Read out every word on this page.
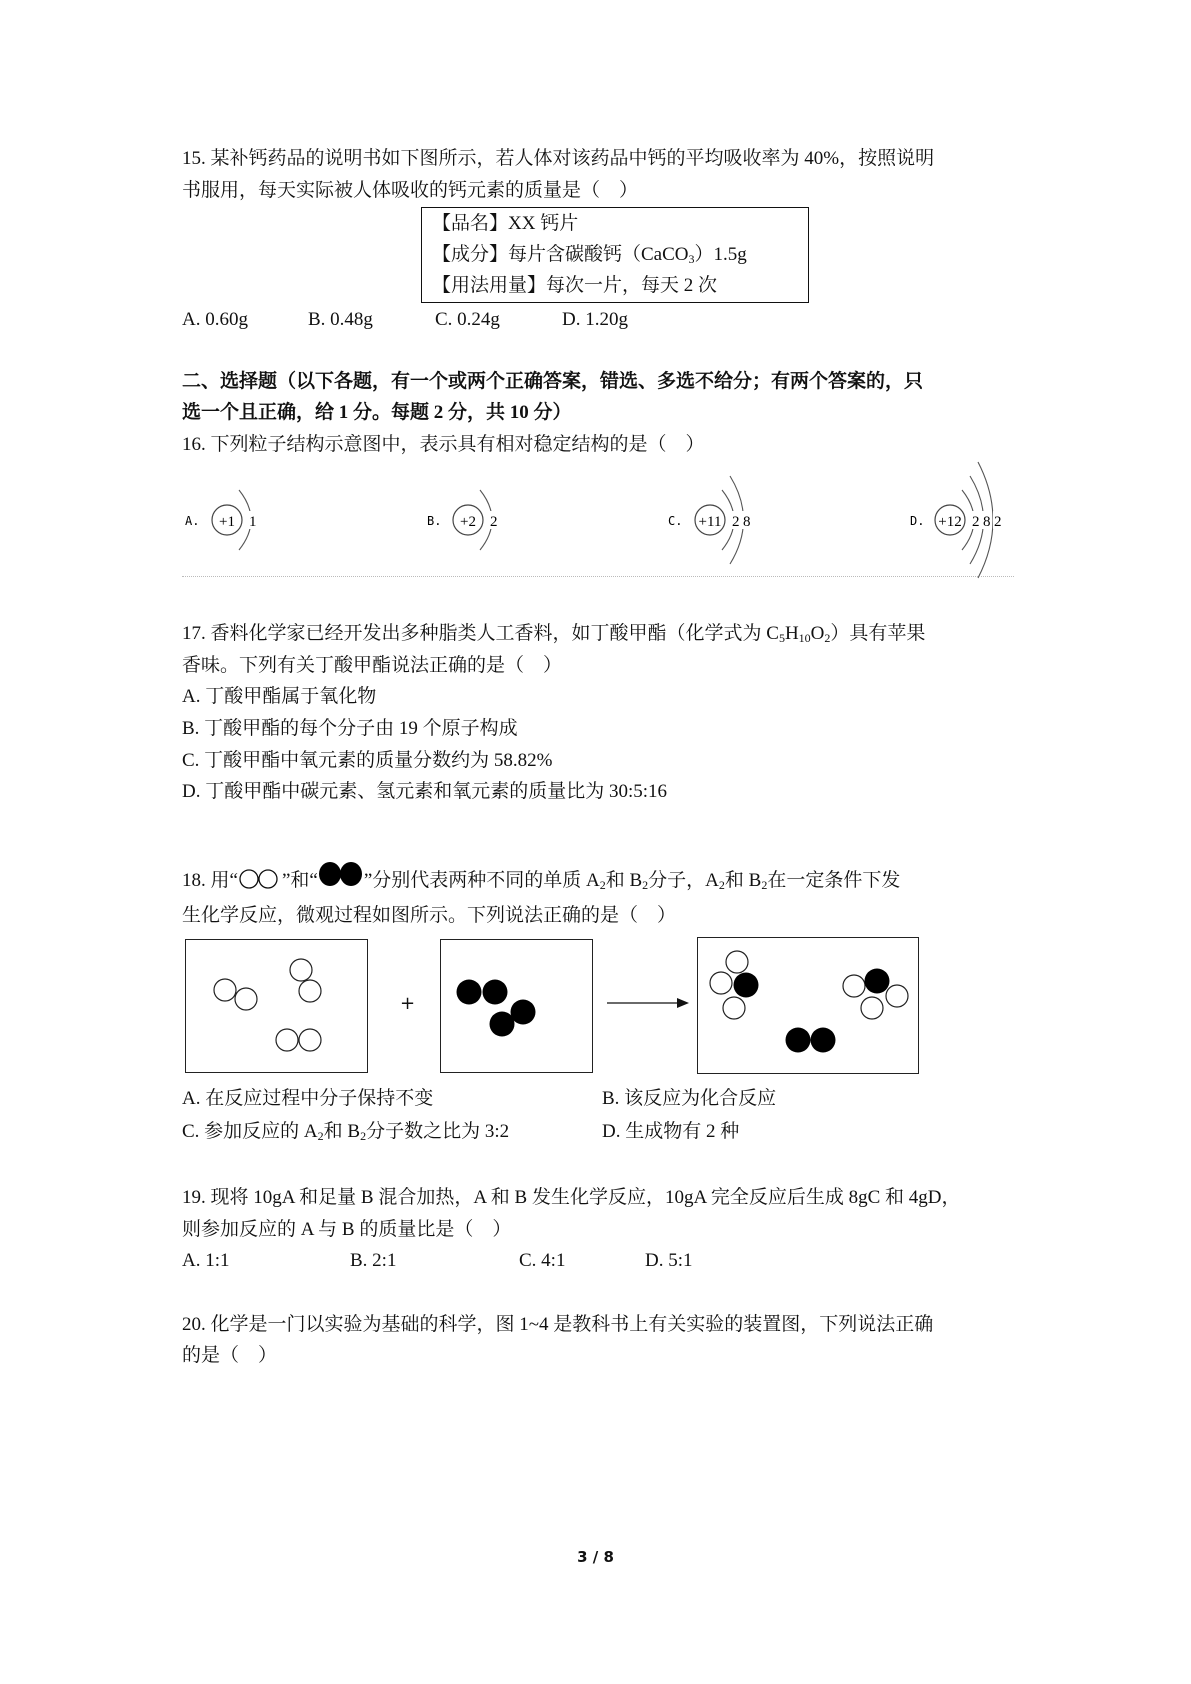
15. 某补钙药品的说明书如下图所示，若人体对该药品中钙的平均吸收率为 40%，按照说明
书服用，每天实际被人体吸收的钙元素的质量是（　）
【品名】XX 钙片
【成分】每片含碳酸钙（CaCO$_3$）1.5g
【用法用量】每次一片，每天 2 次
A. 0.60g	B. 0.48g	C. 0.24g	D. 1.20g
二、选择题（以下各题，有一个或两个正确答案，错选、多选不给分；有两个答案的，只
选一个且正确，给 1 分。每题 2 分，共 10 分）
16. 下列粒子结构示意图中，表示具有相对稳定结构的是（　）
A. +1 1	B. +2 2	C. +11 2 8	D. +12 2 8 2
17. 香料化学家已经开发出多种脂类人工香料，如丁酸甲酯（化学式为 $C_5H_{10}O_2$）具有苹果
香味。下列有关丁酸甲酯说法正确的是（　）
A. 丁酸甲酯属于氧化物
B. 丁酸甲酯的每个分子由 19 个原子构成
C. 丁酸甲酯中氧元素的质量分数约为 58.82%
D. 丁酸甲酯中碳元素、氢元素和氧元素的质量比为 30:5:16
18. 用“ ”和“ ”分别代表两种不同的单质 $A_2$和 $B_2$分子，$A_2$和 $B_2$在一定条件下发
生化学反应，微观过程如图所示。下列说法正确的是（　）
+
A. 在反应过程中分子保持不变	B. 该反应为化合反应
C. 参加反应的 $A_2$和 $B_2$分子数之比为 3:2	D. 生成物有 2 种
19. 现将 10gA 和足量 B 混合加热，A 和 B 发生化学反应，10gA 完全反应后生成 8gC 和 4gD，
则参加反应的 A 与 B 的质量比是（　）
A. 1:1	B. 2:1	C. 4:1	D. 5:1
20. 化学是一门以实验为基础的科学，图 1~4 是教科书上有关实验的装置图，下列说法正确
的是（　）
3 / 8
